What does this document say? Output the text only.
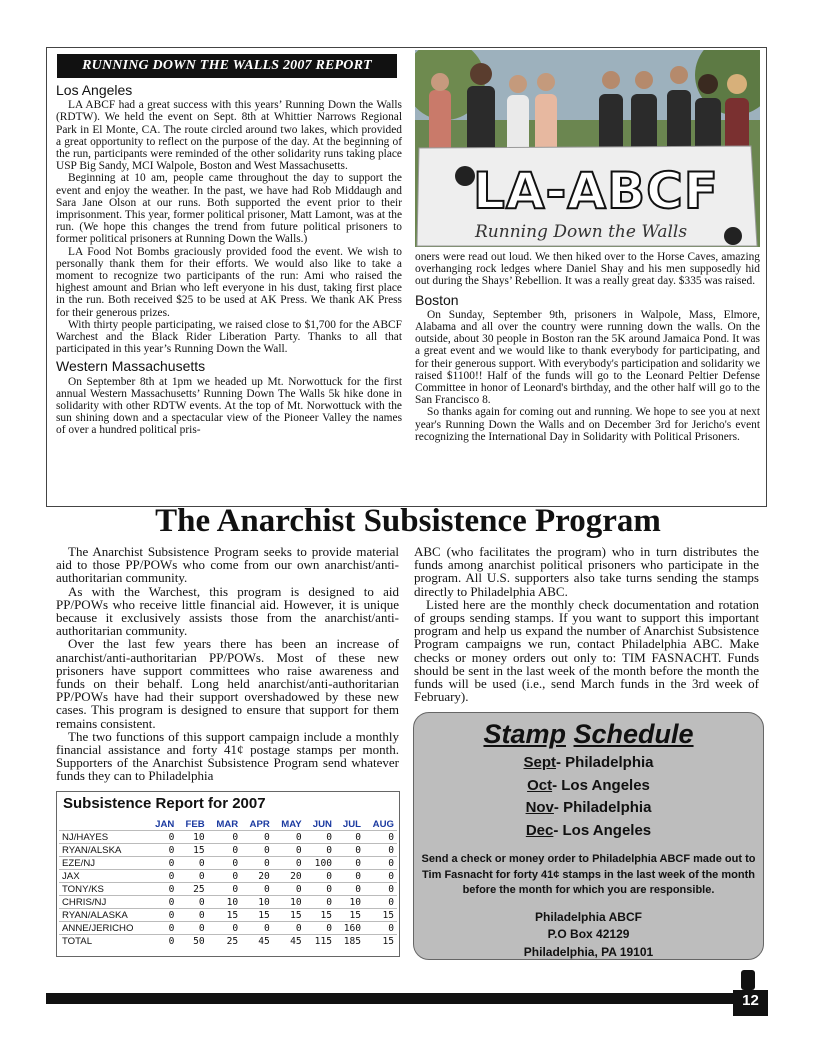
RUNNING DOWN THE WALLS 2007 REPORT
Los Angeles

LA ABCF had a great success with this years’ Running Down the Walls (RDTW). We held the event on Sept. 8th at Whittier Narrows Regional Park in El Monte, CA. The route circled around two lakes, which provided a great opportunity to reflect on the purpose of the day. At the beginning of the run, participants were reminded of the other solidarity runs taking place USP Big Sandy, MCI Walpole, Boston and West Massachusetts.

Beginning at 10 am, people came throughout the day to support the event and enjoy the weather. In the past, we have had Rob Middaugh and Sara Jane Olson at our runs. Both supported the event prior to their imprisonment. This year, former political prisoner, Matt Lamont, was at the run. (We hope this changes the trend from future political prisoners to former political prisoners at Running Down the Walls.)

LA Food Not Bombs graciously provided food the event. We wish to personally thank them for their efforts. We would also like to take a moment to recognize two participants of the run: Ami who raised the highest amount and Brian who left everyone in his dust, taking first place in the run. Both received $25 to be used at AK Press. We thank AK Press for their generous prizes.

With thirty people participating, we raised close to $1,700 for the ABCF Warchest and the Black Rider Liberation Party. Thanks to all that participated in this year’s Running Down the Wall.

Western Massachusetts

On September 8th at 1pm we headed up Mt. Norwottuck for the first annual Western Massachusetts’ Running Down The Walls 5k hike done in solidarity with other RDTW events. At the top of Mt. Norwottuck with the sun shining down and a spectacular view of the Pioneer Valley the names of over a hundred political pris-

LA-ABCF
Running Down the Walls

oners were read out loud. We then hiked over to the Horse Caves, amazing overhanging rock ledges where Daniel Shay and his men supposedly hid out during the Shays’ Rebellion. It was a really great day. $335 was raised.

Boston

On Sunday, September 9th, prisoners in Walpole, Mass, Elmore, Alabama and all over the country were running down the walls. On the outside, about 30 people in Boston ran the 5K around Jamaica Pond. It was a great event and we would like to thank everybody for participating, and for their generous support. With everybody's participation and solidarity we raised $1100!! Half of the funds will go to the Leonard Peltier Defense Committee in honor of Leonard's birthday, and the other half will go to the San Francisco 8.

So thanks again for coming out and running. We hope to see you at next year's Running Down the Walls and on December 3rd for Jericho's event recognizing the International Day in Solidarity with Political Prisoners.

The Anarchist Subsistence Program

The Anarchist Subsistence Program seeks to provide material aid to those PP/POWs who come from our own anarchist/anti-authoritarian community.

As with the Warchest, this program is designed to aid PP/POWs who receive little financial aid. However, it is unique because it exclusively assists those from the anarchist/anti-authoritarian community.

Over the last few years there has been an increase of anarchist/anti-authoritarian PP/POWs. Most of these new prisoners have support committees who raise awareness and funds on their behalf. Long held anarchist/anti-authoritarian PP/POWs have had their support overshadowed by these new cases. This program is designed to ensure that support for them remains consistent.

The two functions of this support campaign include a monthly financial assistance and forty 41¢ postage stamps per month. Supporters of the Anarchist Subsistence Program send whatever funds they can to Philadelphia

ABC (who facilitates the program) who in turn distributes the funds among anarchist political prisoners who participate in the program. All U.S. supporters also take turns sending the stamps directly to Philadelphia ABC.

Listed here are the monthly check documentation and rotation of groups sending stamps. If you want to support this important program and help us expand the number of Anarchist Subsistence Program campaigns we run, contact Philadelphia ABC. Make checks or money orders out only to: TIM FASNACHT. Funds should be sent in the last week of the month before the month the funds will be used (i.e., send March funds in the 3rd week of February).

Subsistence Report for 2007
	JAN	FEB	MAR	APR	MAY	JUN	JUL	AUG
NJ/HAYES	0	10	0	0	0	0	0	0
RYAN/ALSKA	0	15	0	0	0	0	0	0
EZE/NJ	0	0	0	0	0	100	0	0
JAX	0	0	0	20	20	0	0	0
TONY/KS	0	25	0	0	0	0	0	0
CHRIS/NJ	0	0	10	10	10	0	10	0
RYAN/ALASKA	0	0	15	15	15	15	15	15
ANNE/JERICHO	0	0	0	0	0	0	160	0
TOTAL	0	50	25	45	45	115	185	15
Stamp Schedule
Sept- Philadelphia
Oct- Los Angeles
Nov- Philadelphia
Dec- Los Angeles
Send a check or money order to Philadelphia ABCF made out to Tim Fasnacht for forty 41¢ stamps in the last week of the month before the month for which you are responsible.
Philadelphia ABCF
P.O Box 42129
Philadelphia, PA 19101
12
